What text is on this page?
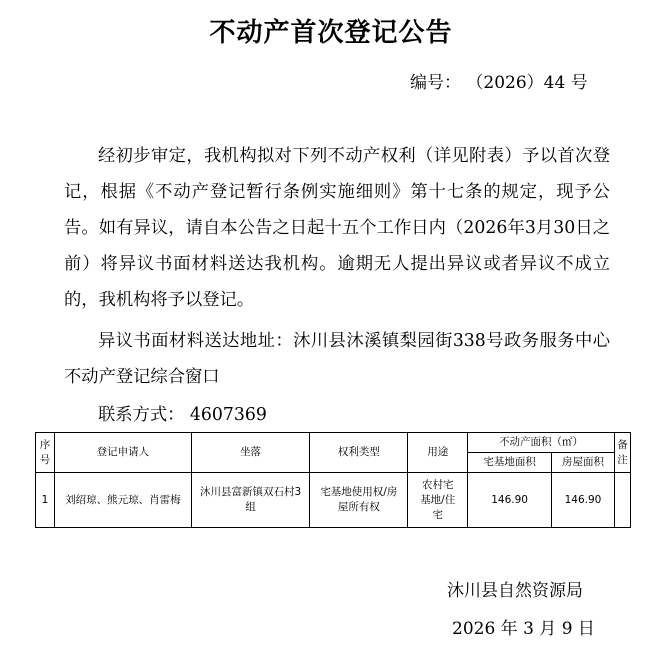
不动产首次登记公告
编号： （2026）44 号
经初步审定，我机构拟对下列不动产权利（详见附表）予以首次登记，根据《不动产登记暂行条例实施细则》第十七条的规定，现予公告。如有异议，请自本公告之日起十五个工作日内（2026年3月30日之前）将异议书面材料送达我机构。逾期无人提出异议或者异议不成立的，我机构将予以登记。
异议书面材料送达地址：沐川县沐溪镇梨园街338号政务服务中心不动产登记综合窗口
联系方式： 4607369
序号	登记申请人	坐落	权利类型	用途	不动产面积（㎡）		备注
					宅基地面积	房屋面积	
1	刘绍琼、熊元琼、肖雷梅	沐川县富新镇双石村3组	宅基地使用权/房屋所有权	农村宅基地/住宅	146.90	146.90	
沐川县自然资源局
2026 年 3 月 9 日
